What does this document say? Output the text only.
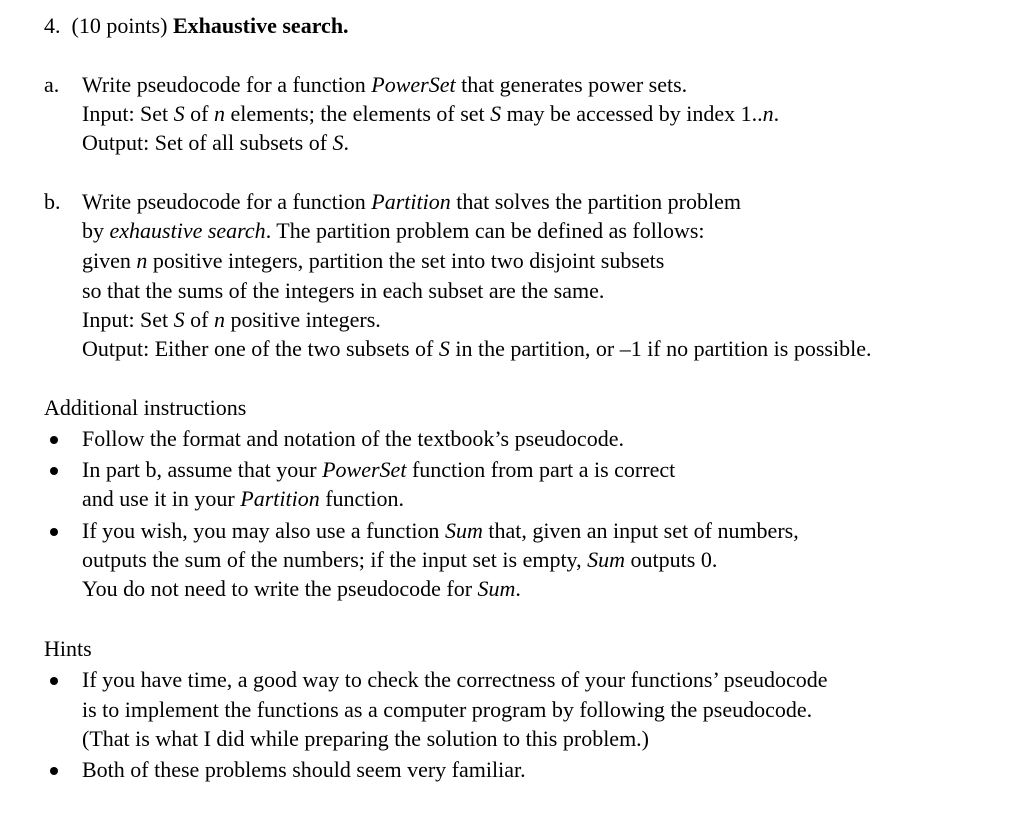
4. (10 points) Exhaustive search.
a. Write pseudocode for a function PowerSet that generates power sets.
Input: Set S of n elements; the elements of set S may be accessed by index 1..n.
Output: Set of all subsets of S.
b. Write pseudocode for a function Partition that solves the partition problem
by exhaustive search. The partition problem can be defined as follows:
given n positive integers, partition the set into two disjoint subsets
so that the sums of the integers in each subset are the same.
Input: Set S of n positive integers.
Output: Either one of the two subsets of S in the partition, or –1 if no partition is possible.
Additional instructions
Follow the format and notation of the textbook’s pseudocode.
In part b, assume that your PowerSet function from part a is correct
and use it in your Partition function.
If you wish, you may also use a function Sum that, given an input set of numbers,
outputs the sum of the numbers; if the input set is empty, Sum outputs 0.
You do not need to write the pseudocode for Sum.
Hints
If you have time, a good way to check the correctness of your functions’ pseudocode
is to implement the functions as a computer program by following the pseudocode.
(That is what I did while preparing the solution to this problem.)
Both of these problems should seem very familiar.
